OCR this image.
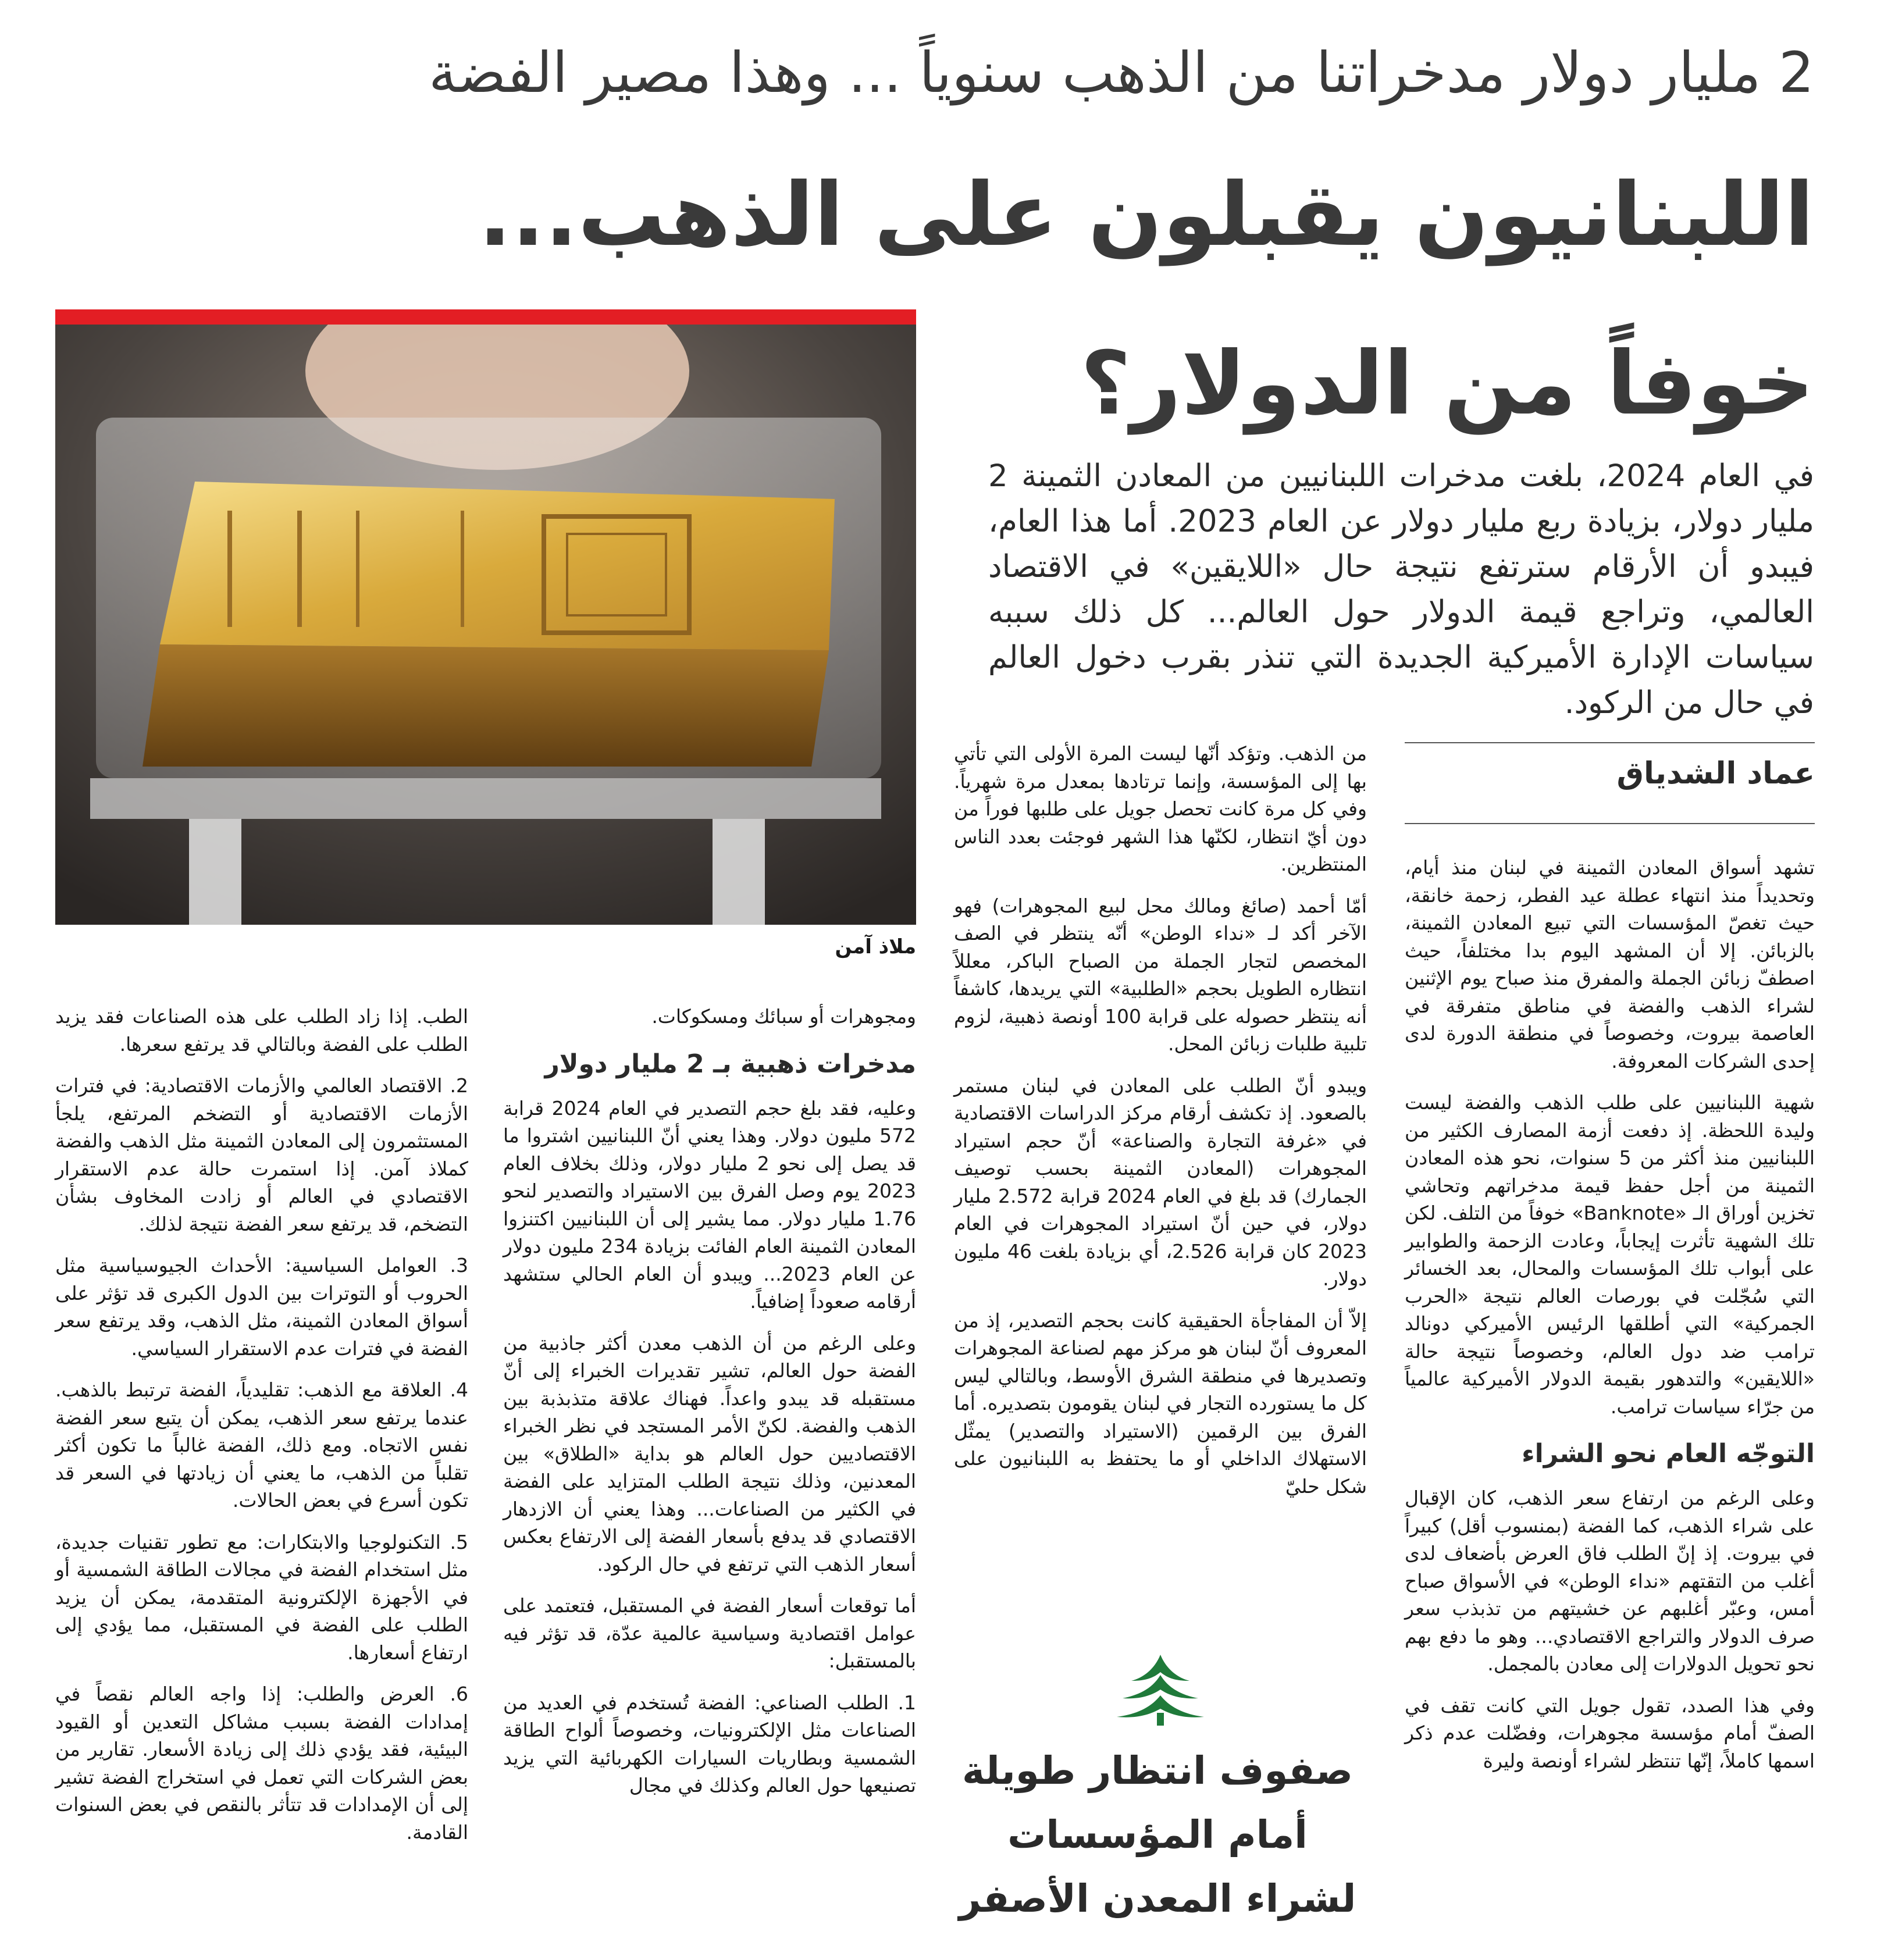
2 مليار دولار مدخراتنا من الذهب سنوياً ... وهذا مصير الفضة
اللبنانيون يقبلون على الذهب...
خوفاً من الدولار؟
في العام 2024، بلغت مدخرات اللبنانيين من المعادن الثمينة 2 مليار دولار، بزيادة ربع مليار دولار عن العام 2023. أما هذا العام، فيبدو أن الأرقام سترتفع نتيجة حال «اللايقين» في الاقتصاد العالمي، وتراجع قيمة الدولار حول العالم... كل ذلك سببه سياسات الإدارة الأميركية الجديدة التي تنذر بقرب دخول العالم في حال من الركود.
ملاذ آمن
عماد الشدياق

تشهد أسواق المعادن الثمينة في لبنان منذ أيام، وتحديداً منذ انتهاء عطلة عيد الفطر، زحمة خانقة، حيث تغصّ المؤسسات التي تبيع المعادن الثمينة، بالزبائن. إلا أن المشهد اليوم بدا مختلفاً، حيث اصطفّ زبائن الجملة والمفرق منذ صباح يوم الإثنين لشراء الذهب والفضة في مناطق متفرقة في العاصمة بيروت، وخصوصاً في منطقة الدورة لدى إحدى الشركات المعروفة.

شهية اللبنانيين على طلب الذهب والفضة ليست وليدة اللحظة. إذ دفعت أزمة المصارف الكثير من اللبنانيين منذ أكثر من 5 سنوات، نحو هذه المعادن الثمينة من أجل حفظ قيمة مدخراتهم وتحاشي تخزين أوراق الـ «Banknote» خوفاً من التلف. لكن تلك الشهية تأثرت إيجاباً، وعادت الزحمة والطوابير على أبواب تلك المؤسسات والمحال، بعد الخسائر التي سُجّلت في بورصات العالم نتيجة «الحرب الجمركية» التي أطلقها الرئيس الأميركي دونالد ترامب ضد دول العالم، وخصوصاً نتيجة حالة «اللايقين» والتدهور بقيمة الدولار الأميركية عالمياً من جرّاء سياسات ترامب.

التوجّه العام نحو الشراء

وعلى الرغم من ارتفاع سعر الذهب، كان الإقبال على شراء الذهب، كما الفضة (بمنسوب أقل) كبيراً في بيروت. إذ إنّ الطلب فاق العرض بأضعاف لدى أغلب من التقتهم «نداء الوطن» في الأسواق صباح أمس، وعبّر أغلبهم عن خشيتهم من تذبذب سعر صرف الدولار والتراجع الاقتصادي... وهو ما دفع بهم نحو تحويل الدولارات إلى معادن بالمجمل.

وفي هذا الصدد، تقول جويل التي كانت تقف في الصفّ أمام مؤسسة مجوهرات، وفضّلت عدم ذكر اسمها كاملاً، إنّها تنتظر لشراء أونصة وليرة

من الذهب. وتؤكد أنّها ليست المرة الأولى التي تأتي بها إلى المؤسسة، وإنما ترتادها بمعدل مرة شهرياً. وفي كل مرة كانت تحصل جويل على طلبها فوراً من دون أيّ انتظار، لكنّها هذا الشهر فوجئت بعدد الناس المنتظرين.

أمّا أحمد (صائغ ومالك محل لبيع المجوهرات) فهو الآخر أكد لـ «نداء الوطن» أنّه ينتظر في الصف المخصص لتجار الجملة من الصباح الباكر، معللاً انتظاره الطويل بحجم «الطلبية» التي يريدها، كاشفاً أنه ينتظر حصوله على قرابة 100 أونصة ذهبية، لزوم تلبية طلبات زبائن المحل.

ويبدو أنّ الطلب على المعادن في لبنان مستمر بالصعود. إذ تكشف أرقام مركز الدراسات الاقتصادية في «غرفة التجارة والصناعة» أنّ حجم استيراد المجوهرات (المعادن الثمينة بحسب توصيف الجمارك) قد بلغ في العام 2024 قرابة 2.572 مليار دولار، في حين أنّ استيراد المجوهرات في العام 2023 كان قرابة 2.526، أي بزيادة بلغت 46 مليون دولار.

إلاّ أن المفاجأة الحقيقية كانت بحجم التصدير، إذ من المعروف أنّ لبنان هو مركز مهم لصناعة المجوهرات وتصديرها في منطقة الشرق الأوسط، وبالتالي ليس كل ما يستورده التجار في لبنان يقومون بتصديره. أما الفرق بين الرقمين (الاستيراد والتصدير) يمثّل الاستهلاك الداخلي أو ما يحتفظ به اللبنانيون على شكل حليّ

صفوف انتظار طويلة
أمام المؤسسات
لشراء المعدن الأصفر

ومجوهرات أو سبائك ومسكوكات.

مدخرات ذهبية بـ 2 مليار دولار

وعليه، فقد بلغ حجم التصدير في العام 2024 قرابة 572 مليون دولار. وهذا يعني أنّ اللبنانيين اشتروا ما قد يصل إلى نحو 2 مليار دولار، وذلك بخلاف العام 2023 يوم وصل الفرق بين الاستيراد والتصدير لنحو 1.76 مليار دولار. مما يشير إلى أن اللبنانيين اكتنزوا المعادن الثمينة العام الفائت بزيادة 234 مليون دولار عن العام 2023... ويبدو أن العام الحالي ستشهد أرقامه صعوداً إضافياً.

وعلى الرغم من أن الذهب معدن أكثر جاذبية من الفضة حول العالم، تشير تقديرات الخبراء إلى أنّ مستقبله قد يبدو واعداً. فهناك علاقة متذبذبة بين الذهب والفضة. لكنّ الأمر المستجد في نظر الخبراء الاقتصاديين حول العالم هو بداية «الطلاق» بين المعدنين، وذلك نتيجة الطلب المتزايد على الفضة في الكثير من الصناعات... وهذا يعني أن الازدهار الاقتصادي قد يدفع بأسعار الفضة إلى الارتفاع بعكس أسعار الذهب التي ترتفع في حال الركود.

أما توقعات أسعار الفضة في المستقبل، فتعتمد على عوامل اقتصادية وسياسية عالمية عدّة، قد تؤثر فيه بالمستقبل:

1. الطلب الصناعي: الفضة تُستخدم في العديد من الصناعات مثل الإلكترونيات، وخصوصاً ألواح الطاقة الشمسية وبطاريات السيارات الكهربائية التي يزيد تصنيعها حول العالم وكذلك في مجال

الطب. إذا زاد الطلب على هذه الصناعات فقد يزيد الطلب على الفضة وبالتالي قد يرتفع سعرها.

2. الاقتصاد العالمي والأزمات الاقتصادية: في فترات الأزمات الاقتصادية أو التضخم المرتفع، يلجأ المستثمرون إلى المعادن الثمينة مثل الذهب والفضة كملاذ آمن. إذا استمرت حالة عدم الاستقرار الاقتصادي في العالم أو زادت المخاوف بشأن التضخم، قد يرتفع سعر الفضة نتيجة لذلك.

3. العوامل السياسية: الأحداث الجيوسياسية مثل الحروب أو التوترات بين الدول الكبرى قد تؤثر على أسواق المعادن الثمينة، مثل الذهب، وقد يرتفع سعر الفضة في فترات عدم الاستقرار السياسي.

4. العلاقة مع الذهب: تقليدياً، الفضة ترتبط بالذهب. عندما يرتفع سعر الذهب، يمكن أن يتبع سعر الفضة نفس الاتجاه. ومع ذلك، الفضة غالباً ما تكون أكثر تقلباً من الذهب، ما يعني أن زيادتها في السعر قد تكون أسرع في بعض الحالات.

5. التكنولوجيا والابتكارات: مع تطور تقنيات جديدة، مثل استخدام الفضة في مجالات الطاقة الشمسية أو في الأجهزة الإلكترونية المتقدمة، يمكن أن يزيد الطلب على الفضة في المستقبل، مما يؤدي إلى ارتفاع أسعارها.

6. العرض والطلب: إذا واجه العالم نقصاً في إمدادات الفضة بسبب مشاكل التعدين أو القيود البيئية، فقد يؤدي ذلك إلى زيادة الأسعار. تقارير من بعض الشركات التي تعمل في استخراج الفضة تشير إلى أن الإمدادات قد تتأثر بالنقص في بعض السنوات القادمة.
